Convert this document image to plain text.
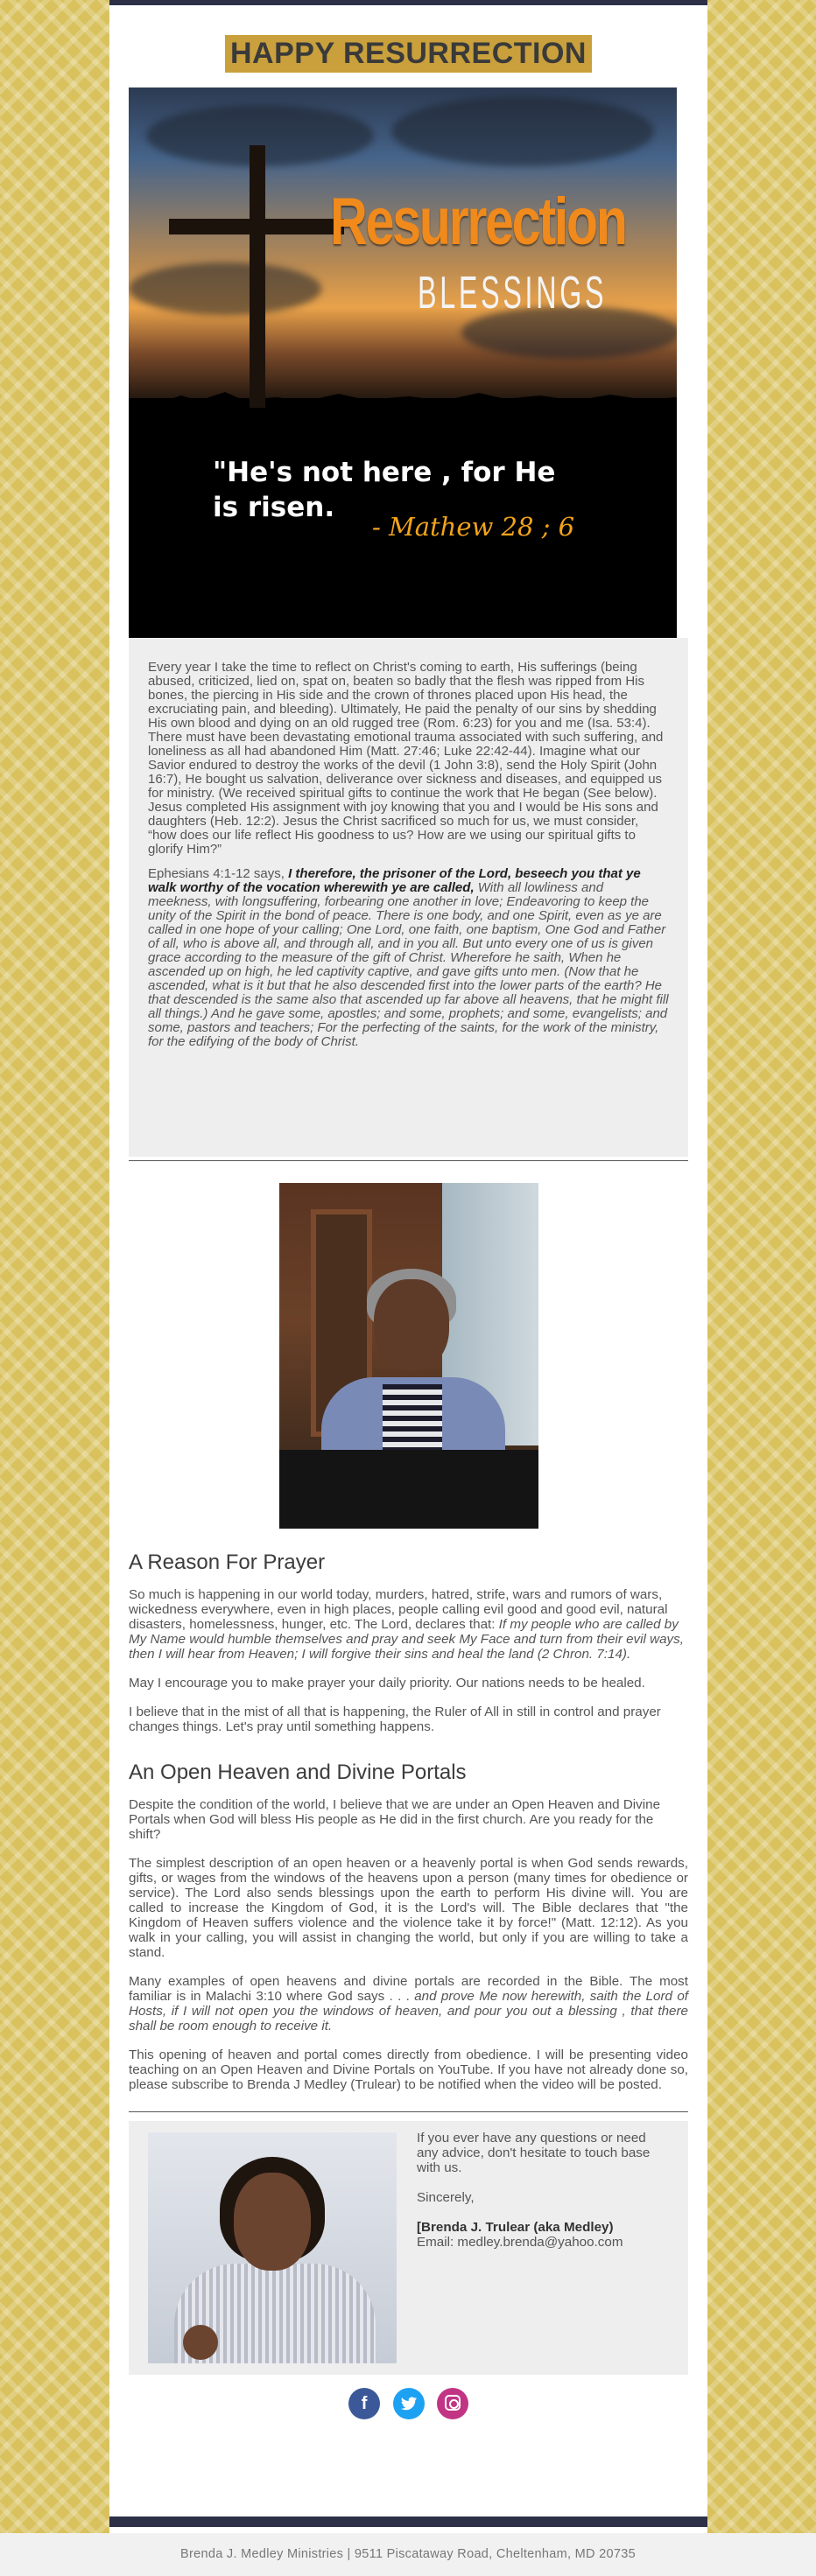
HAPPY RESURRECTION
Resurrection
BLESSINGS
"He's not here , for He is risen.
- Mathew 28 ; 6

Every year I take the time to reflect on Christ's coming to earth, His sufferings (being abused, criticized, lied on, spat on, beaten so badly that the flesh was ripped from His bones, the piercing in His side and the crown of thrones placed upon His head, the excruciating pain, and bleeding). Ultimately, He paid the penalty of our sins by shedding His own blood and dying on an old rugged tree (Rom. 6:23) for you and me (Isa. 53:4). There must have been devastating emotional trauma associated with such suffering, and loneliness as all had abandoned Him (Matt. 27:46; Luke 22:42-44). Imagine what our Savior endured to destroy the works of the devil (1 John 3:8), send the Holy Spirit (John 16:7), He bought us salvation, deliverance over sickness and diseases, and equipped us for ministry. (We received spiritual gifts to continue the work that He began (See below). Jesus completed His assignment with joy knowing that you and I would be His sons and daughters (Heb. 12:2). Jesus the Christ sacrificed so much for us, we must consider, “how does our life reflect His goodness to us? How are we using our spiritual gifts to glorify Him?”

Ephesians 4:1-12 says, I therefore, the prisoner of the Lord, beseech you that ye walk worthy of the vocation wherewith ye are called, With all lowliness and meekness, with longsuffering, forbearing one another in love; Endeavoring to keep the unity of the Spirit in the bond of peace. There is one body, and one Spirit, even as ye are called in one hope of your calling; One Lord, one faith, one baptism, One God and Father of all, who is above all, and through all, and in you all. But unto every one of us is given grace according to the measure of the gift of Christ. Wherefore he saith, When he ascended up on high, he led captivity captive, and gave gifts unto men. (Now that he ascended, what is it but that he also descended first into the lower parts of the earth? He that descended is the same also that ascended up far above all heavens, that he might fill all things.) And he gave some, apostles; and some, prophets; and some, evangelists; and some, pastors and teachers; For the perfecting of the saints, for the work of the ministry, for the edifying of the body of Christ.

A Reason For Prayer

So much is happening in our world today, murders, hatred, strife, wars and rumors of wars, wickedness everywhere, even in high places, people calling evil good and good evil, natural disasters, homelessness, hunger, etc. The Lord, declares that: If my people who are called by My Name would humble themselves and pray and seek My Face and turn from their evil ways, then I will hear from Heaven; I will forgive their sins and heal the land (2 Chron. 7:14).

May I encourage you to make prayer your daily priority. Our nations needs to be healed.

I believe that in the mist of all that is happening, the Ruler of All in still in control and prayer changes things. Let's pray until something happens.

An Open Heaven and Divine Portals

Despite the condition of the world, I believe that we are under an Open Heaven and Divine Portals when God will bless His people as He did in the first church. Are you ready for the shift?

The simplest description of an open heaven or a heavenly portal is when God sends rewards, gifts, or wages from the windows of the heavens upon a person (many times for obedience or service). The Lord also sends blessings upon the earth to perform His divine will. You are called to increase the Kingdom of God, it is the Lord's will. The Bible declares that "the Kingdom of Heaven suffers violence and the violence take it by force!" (Matt. 12:12). As you walk in your calling, you will assist in changing the world, but only if you are willing to take a stand.

Many examples of open heavens and divine portals are recorded in the Bible. The most familiar is in Malachi 3:10 where God says . . . and prove Me now herewith, saith the Lord of Hosts, if I will not open you the windows of heaven, and pour you out a blessing , that there shall be room enough to receive it.

This opening of heaven and portal comes directly from obedience. I will be presenting video teaching on an Open Heaven and Divine Portals on YouTube. If you have not already done so, please subscribe to Brenda J Medley (Trulear) to be notified when the video will be posted.

If you ever have any questions or need any advice, don't hesitate to touch base with us.

Sincerely,

[Brenda J. Trulear (aka Medley)

Email: medley.brenda@yahoo.com

f
Brenda J. Medley Ministries | 9511 Piscataway Road, Cheltenham, MD 20735
